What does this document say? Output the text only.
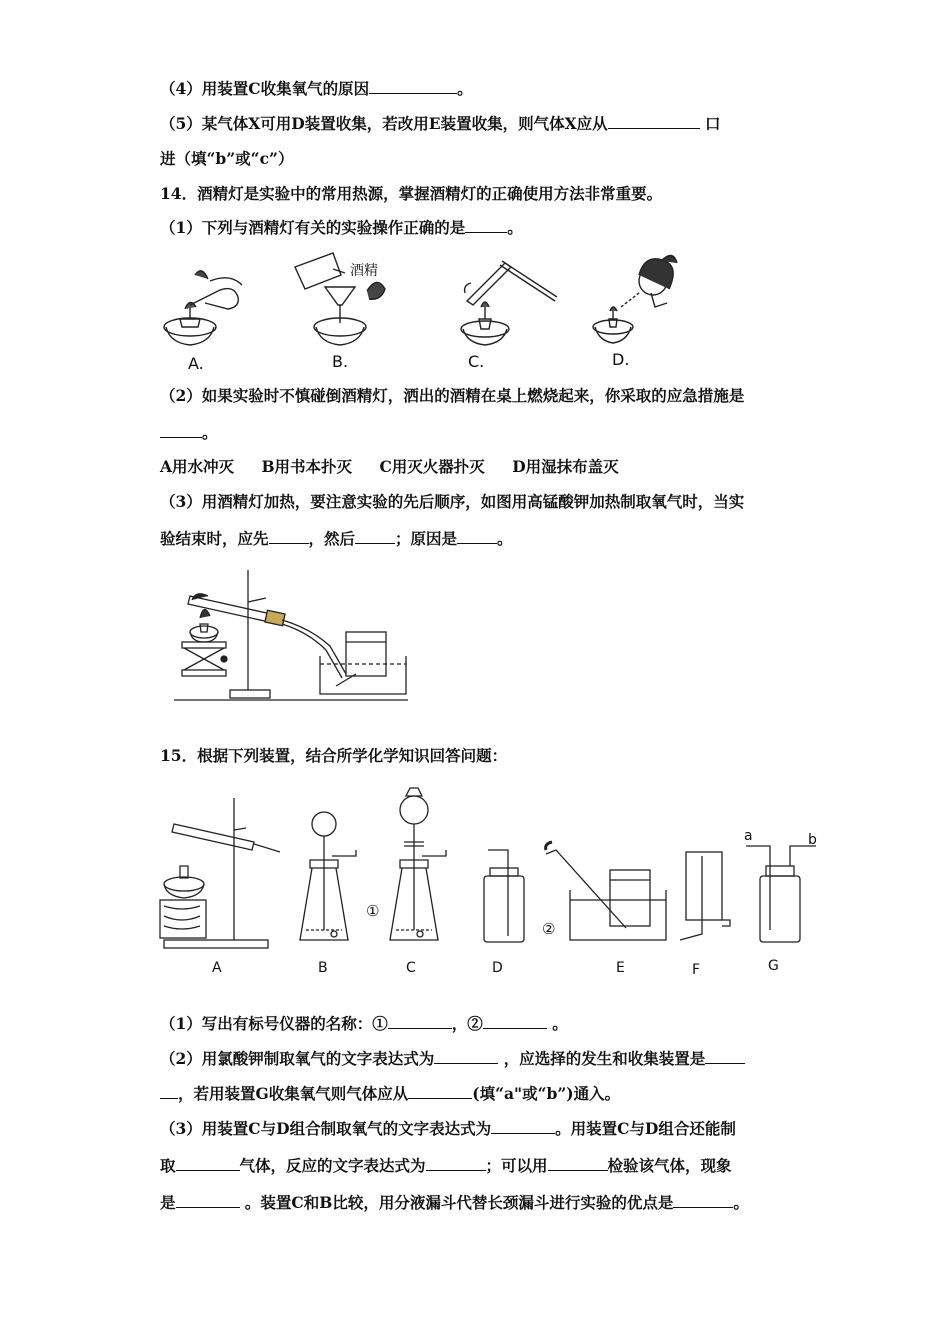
（4）用装置C收集氧气的原因	。
（5）某气体X可用D装置收集，若改用E装置收集，则气体X应从	口
进（填“b”或“c”）
14．酒精灯是实验中的常用热源，掌握酒精灯的正确使用方法非常重要。
（1）下列与酒精灯有关的实验操作正确的是	。
A.	B.	C.	D.
酒精
（2）如果实验时不慎碰倒酒精灯，洒出的酒精在桌上燃烧起来，你采取的应急措施是
。
A用水冲灭 B用书本扑灭 C用灭火器扑灭 D用湿抹布盖灭
（3）用酒精灯加热，要注意实验的先后顺序，如图用高锰酸钾加热制取氧气时，当实
验结束时，应先	，然后	；原因是	。
15．根据下列装置，结合所学化学知识回答问题：
A	B	C	D	E	F	G
①
②
a	b
（1）写出有标号仪器的名称：①	，②	。
（2）用氯酸钾制取氧气的文字表达式为	，应选择的发生和收集装置是
，若用装置G收集氧气则气体应从	(填“a"或“b”)通入。
（3）用装置C与D组合制取氧气的文字表达式为	。用装置C与D组合还能制
取	气体，反应的文字表达式为	；可以用	检验该气体，现象
是	。装置C和B比较，用分液漏斗代替长颈漏斗进行实验的优点是	。
